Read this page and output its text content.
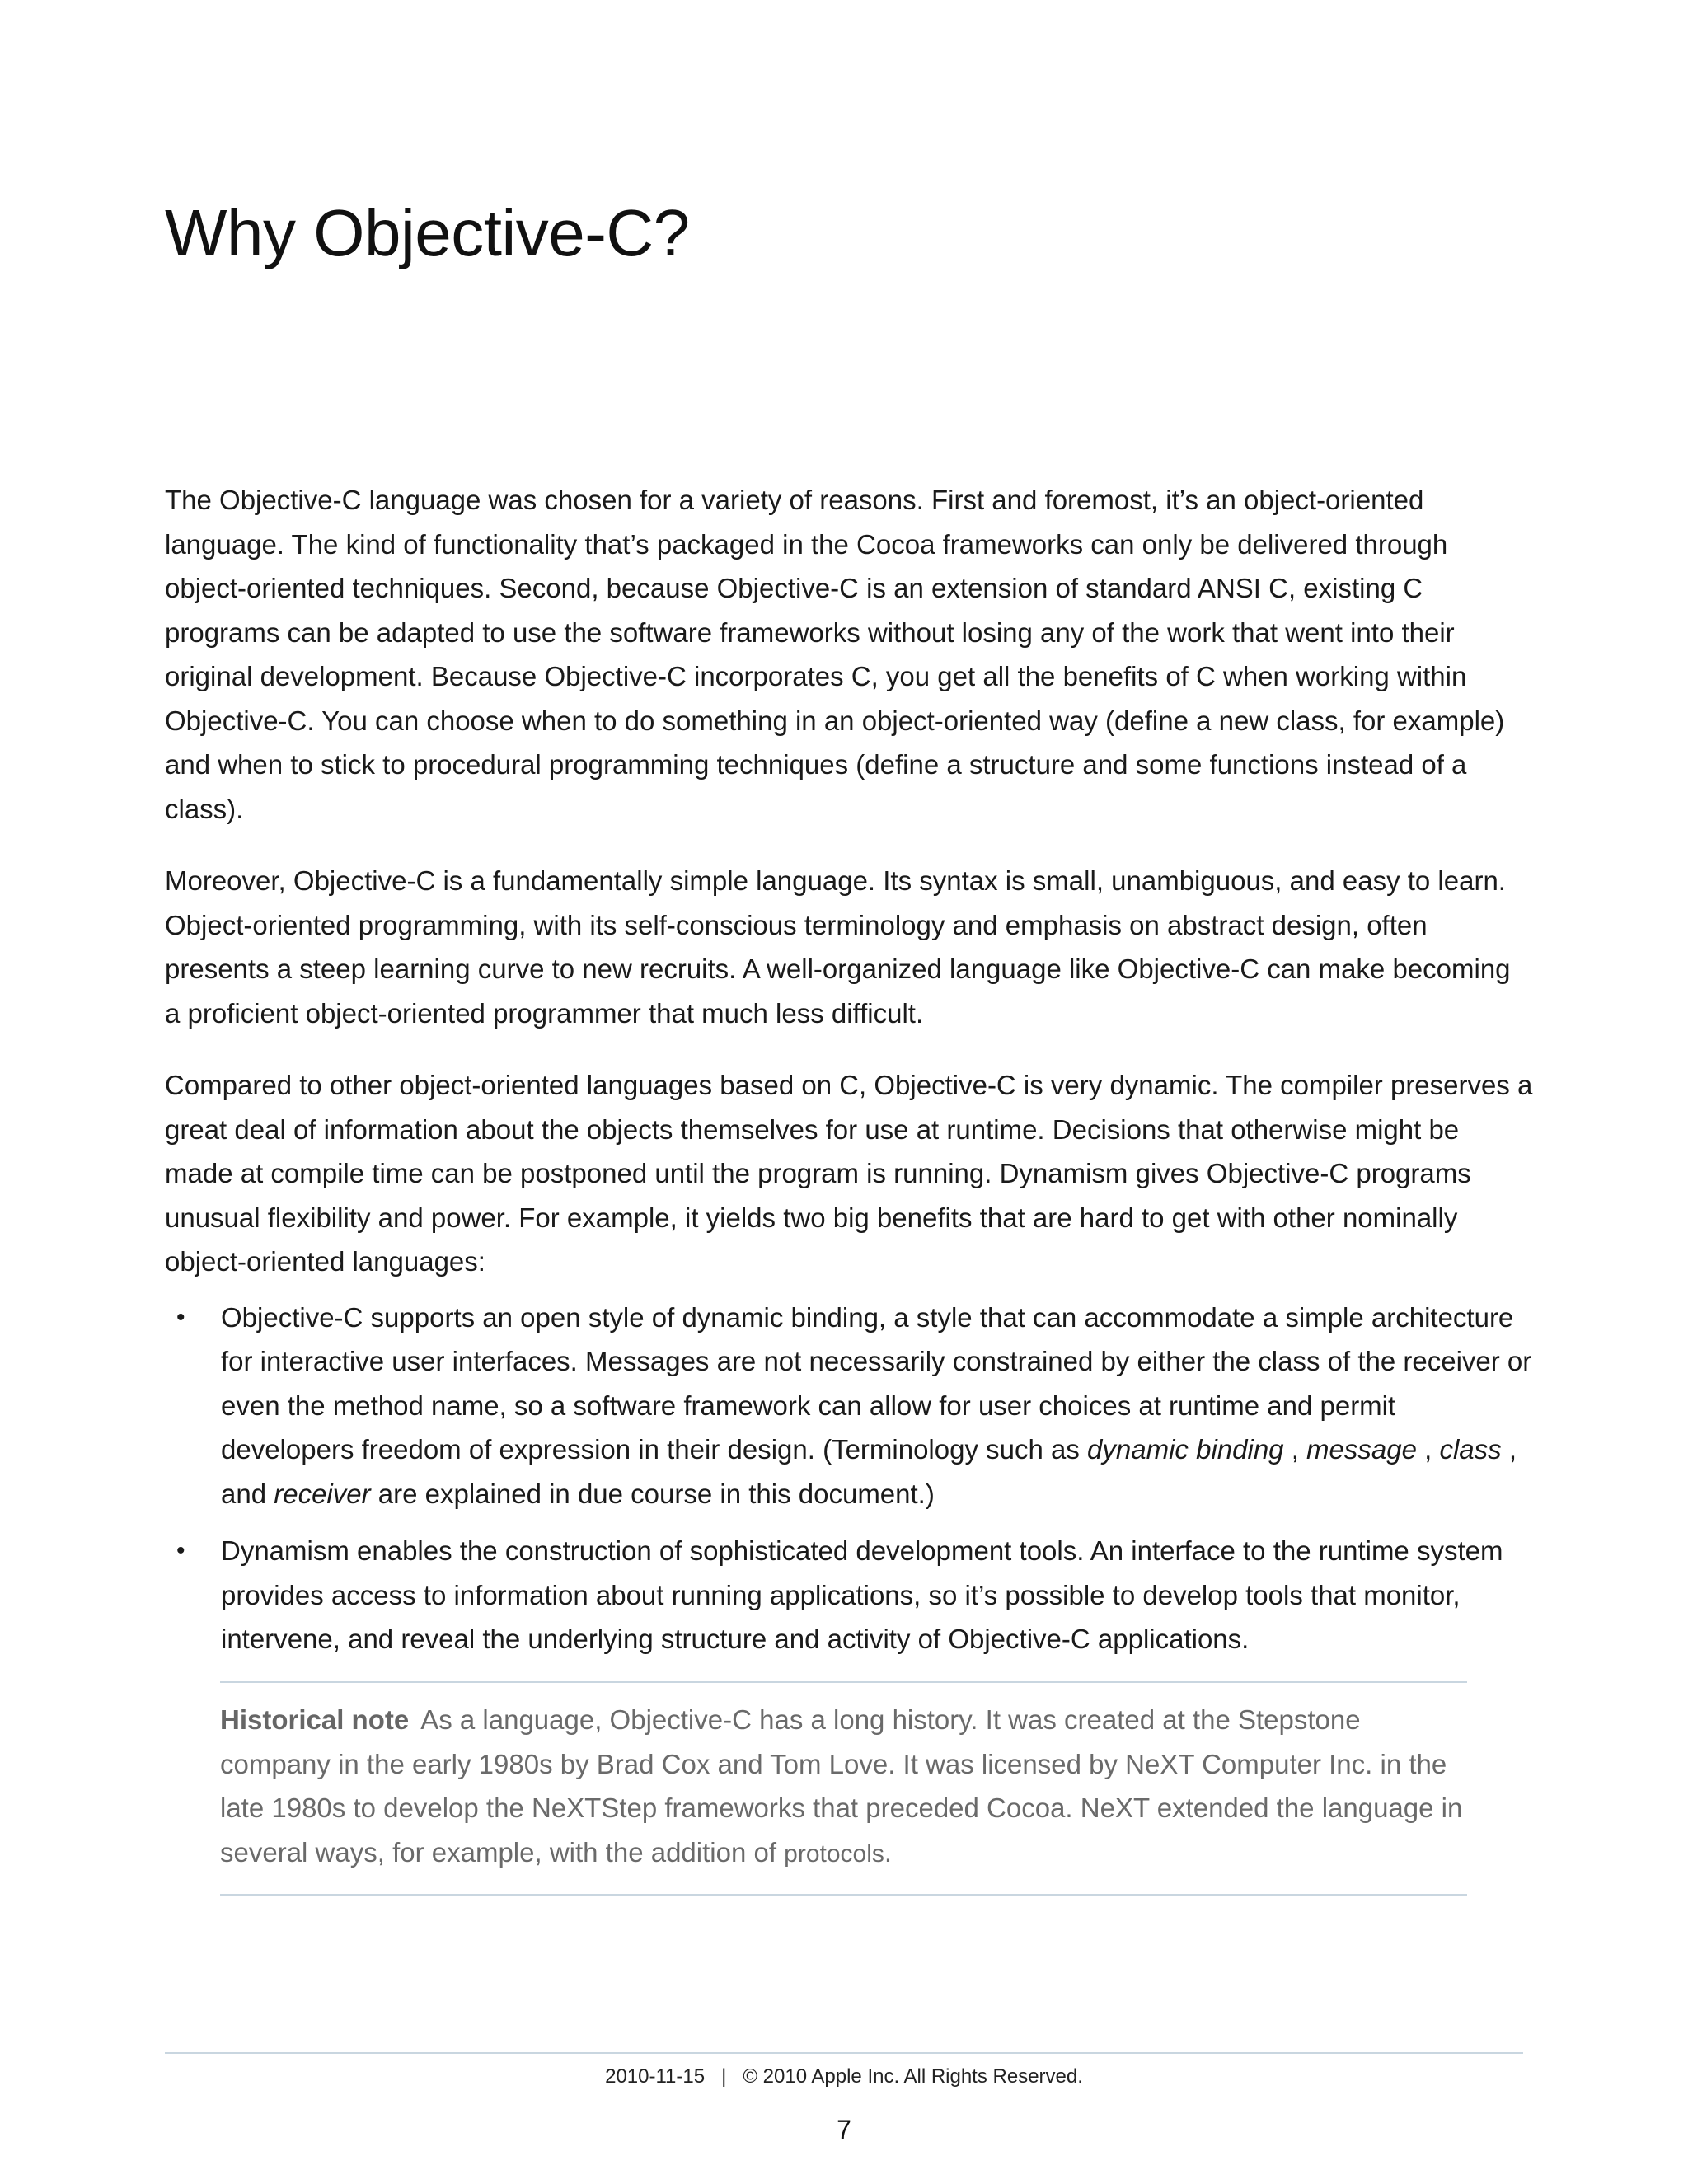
Why Objective-C?

The Objective-C language was chosen for a variety of reasons. First and foremost, it’s an object-oriented language. The kind of functionality that’s packaged in the Cocoa frameworks can only be delivered through object-oriented techniques. Second, because Objective-C is an extension of standard ANSI C, existing C programs can be adapted to use the software frameworks without losing any of the work that went into their original development. Because Objective-C incorporates C, you get all the benefits of C when working within Objective-C. You can choose when to do something in an object-oriented way (define a new class, for example) and when to stick to procedural programming techniques (define a structure and some functions instead of a class).

Moreover, Objective-C is a fundamentally simple language. Its syntax is small, unambiguous, and easy to learn. Object-oriented programming, with its self-conscious terminology and emphasis on abstract design, often presents a steep learning curve to new recruits. A well-organized language like Objective-C can make becoming a proficient object-oriented programmer that much less difficult.

Compared to other object-oriented languages based on C, Objective-C is very dynamic. The compiler preserves a great deal of information about the objects themselves for use at runtime. Decisions that otherwise might be made at compile time can be postponed until the program is running. Dynamism gives Objective-C programs unusual flexibility and power. For example, it yields two big benefits that are hard to get with other nominally object-oriented languages:

• Objective-C supports an open style of dynamic binding, a style that can accommodate a simple architecture for interactive user interfaces. Messages are not necessarily constrained by either the class of the receiver or even the method name, so a software framework can allow for user choices at runtime and permit developers freedom of expression in their design. (Terminology such as dynamic binding , message , class , and receiver are explained in due course in this document.)
• Dynamism enables the construction of sophisticated development tools. An interface to the runtime system provides access to information about running applications, so it’s possible to develop tools that monitor, intervene, and reveal the underlying structure and activity of Objective-C applications.

Historical note As a language, Objective-C has a long history. It was created at the Stepstone company in the early 1980s by Brad Cox and Tom Love. It was licensed by NeXT Computer Inc. in the late 1980s to develop the NeXTStep frameworks that preceded Cocoa. NeXT extended the language in several ways, for example, with the addition of protocols.

2010-11-15 | © 2010 Apple Inc. All Rights Reserved.
7
